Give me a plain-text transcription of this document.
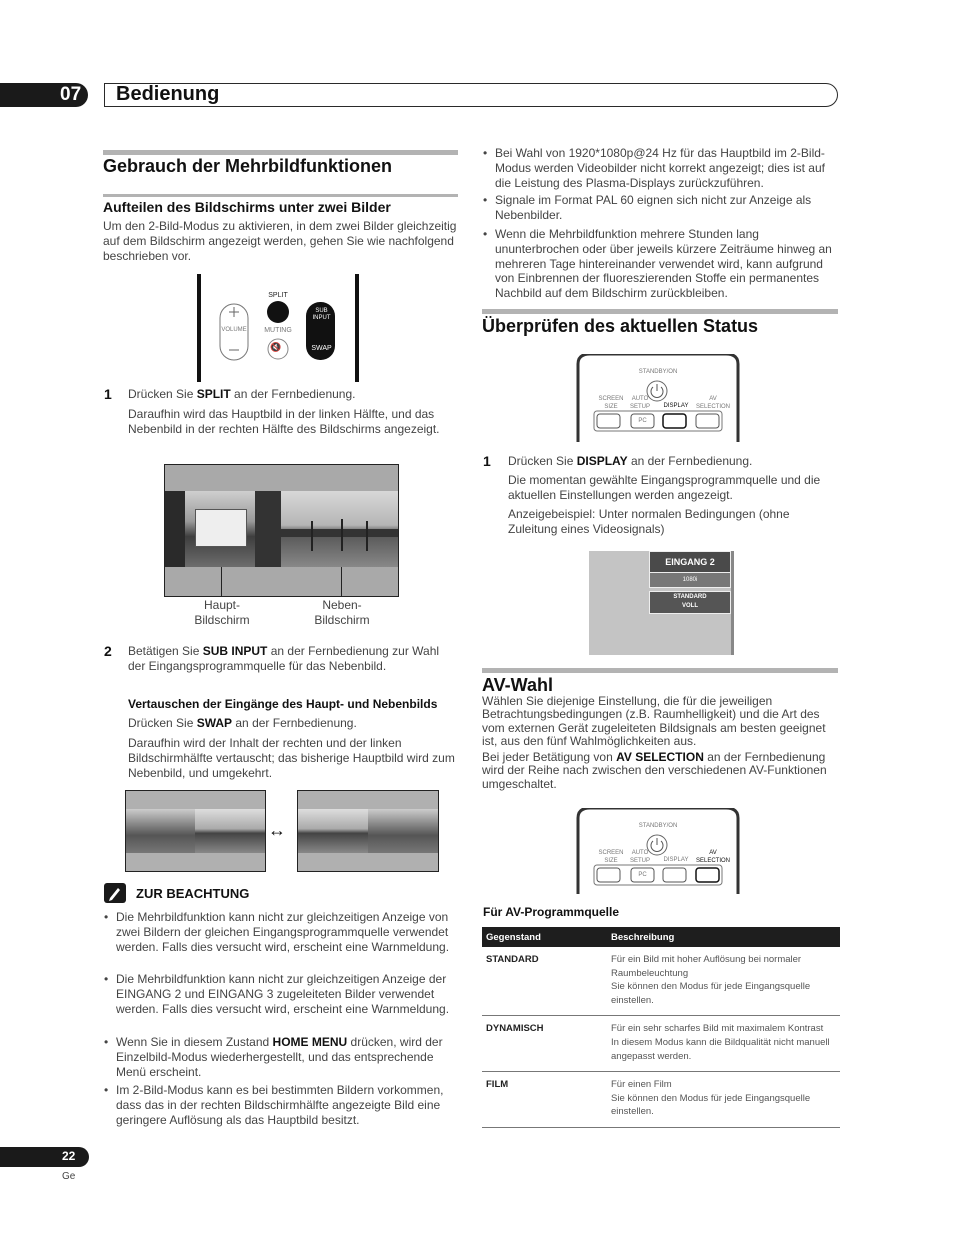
07	Bedienung
Gebrauch der Mehrbildfunktionen
Aufteilen des Bildschirms unter zwei Bilder
Um den 2-Bild-Modus zu aktivieren, in dem zwei Bilder gleichzeitig auf dem Bildschirm angezeigt werden, gehen Sie wie nachfolgend beschrieben vor.
VOLUME
SPLIT
MUTING
SUB INPUT
SWAP
🔇
1 Drücken Sie SPLIT an der Fernbedienung.
Daraufhin wird das Hauptbild in der linken Hälfte, und das Nebenbild in der rechten Hälfte des Bildschirms angezeigt.
Haupt-
Bildschirm
Neben-
Bildschirm
2 Betätigen Sie SUB INPUT an der Fernbedienung zur Wahl der Eingangsprogrammquelle für das Nebenbild.
Vertauschen der Eingänge des Haupt- und Nebenbilds
Drücken Sie SWAP an der Fernbedienung.
Daraufhin wird der Inhalt der rechten und der linken Bildschirmhälfte vertauscht; das bisherige Hauptbild wird zum Nebenbild, und umgekehrt.
↔
ZUR BEACHTUNG
• Die Mehrbildfunktion kann nicht zur gleichzeitigen Anzeige von zwei Bildern der gleichen Eingangsprogrammquelle verwendet werden. Falls dies versucht wird, erscheint eine Warnmeldung.
• Die Mehrbildfunktion kann nicht zur gleichzeitigen Anzeige der EINGANG 2 und EINGANG 3 zugeleiteten Bilder verwendet werden. Falls dies versucht wird, erscheint eine Warnmeldung.
• Wenn Sie in diesem Zustand HOME MENU drücken, wird der Einzelbild-Modus wiederhergestellt, und das entsprechende Menü erscheint.
• Im 2-Bild-Modus kann es bei bestimmten Bildern vorkommen, dass das in der rechten Bildschirmhälfte angezeigte Bild eine geringere Auflösung als das Hauptbild besitzt.
• Bei Wahl von 1920*1080p@24 Hz für das Hauptbild im 2-Bild-Modus werden Videobilder nicht korrekt angezeigt; dies ist auf die Leistung des Plasma-Displays zurückzuführen.
• Signale im Format PAL 60 eignen sich nicht zur Anzeige als Nebenbilder.
• Wenn die Mehrbildfunktion mehrere Stunden lang ununterbrochen oder über jeweils kürzere Zeiträume hinweg an mehreren Tage hintereinander verwendet wird, kann aufgrund von Einbrennen der fluoreszierenden Stoffe ein permanentes Nachbild auf dem Bildschirm zurückbleiben.
Überprüfen des aktuellen Status
STANDBY/ON
SCREEN
SIZE
AUTO
SETUP	DISPLAY
AV
SELECTION
PC
1 Drücken Sie DISPLAY an der Fernbedienung.
Die momentan gewählte Eingangsprogrammquelle und die aktuellen Einstellungen werden angezeigt.
Anzeigebeispiel: Unter normalen Bedingungen (ohne Zuleitung eines Videosignals)
EINGANG 2
1080i
STANDARD
VOLL
AV-Wahl
Wählen Sie diejenige Einstellung, die für die jeweiligen Betrachtungsbedingungen (z.B. Raumhelligkeit) und die Art des vom externen Gerät zugeleiteten Bildsignals am besten geeignet ist, aus den fünf Wahlmöglichkeiten aus.
Bei jeder Betätigung von AV SELECTION an der Fernbedienung wird der Reihe nach zwischen den verschiedenen AV-Funktionen umgeschaltet.
STANDBY/ON
SCREEN
SIZE
AUTO
SETUP	DISPLAY
AV
SELECTION
PC
Für AV-Programmquelle
Gegenstand	Beschreibung
STANDARD	Für ein Bild mit hoher Auflösung bei normaler Raumbeleuchtung
Sie können den Modus für jede Eingangsquelle einstellen.
DYNAMISCH	Für ein sehr scharfes Bild mit maximalem Kontrast
In diesem Modus kann die Bildqualität nicht manuell angepasst werden.
FILM	Für einen Film
Sie können den Modus für jede Eingangsquelle einstellen.
22
Ge
